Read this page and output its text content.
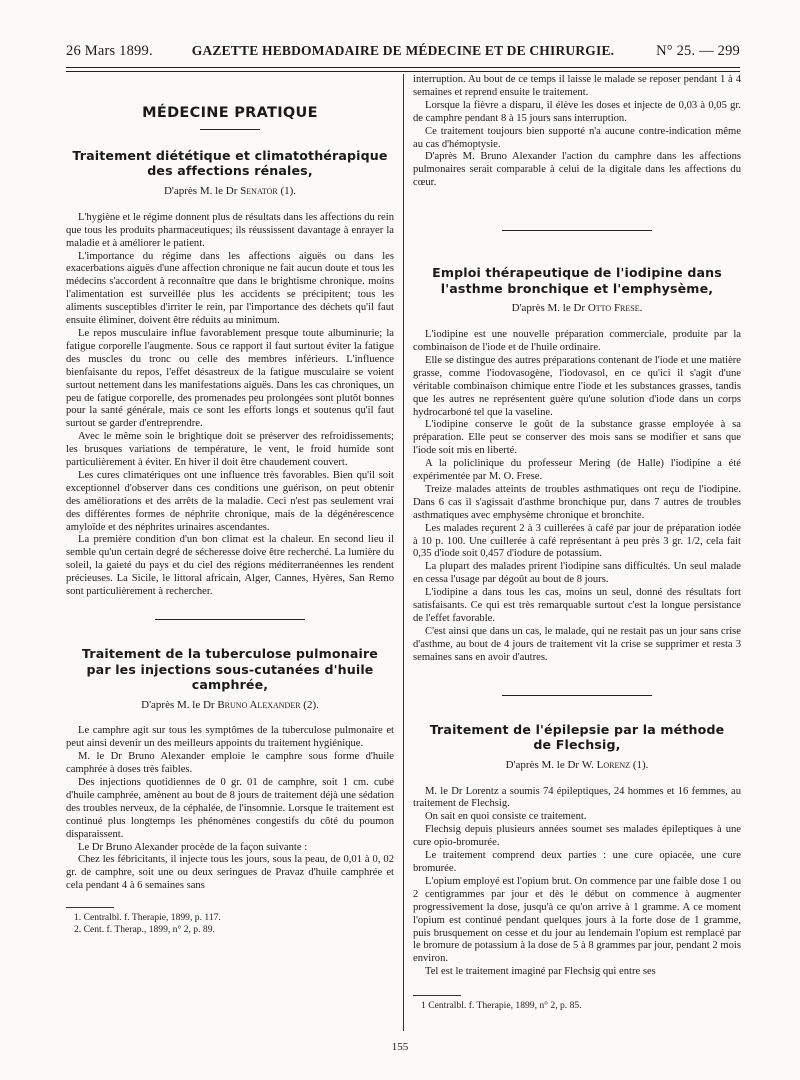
26 Mars 1899.	GAZETTE HEBDOMADAIRE DE MÉDECINE ET DE CHIRURGIE.	N° 25. — 299
MÉDECINE PRATIQUE
Traitement diététique et climatothérapique des affections rénales,
D'après M. le Dr Senator (1).

L'hygiène et le régime donnent plus de résultats dans les affections du rein que tous les produits pharmaceutiques; ils réussissent davantage à enrayer la maladie et à améliorer le patient.

L'importance du régime dans les affections aiguës ou dans les exacerbations aiguës d'une affection chronique ne fait aucun doute et tous les médecins s'accordent à reconnaître que dans le brightisme chronique. moins l'alimentation est surveillée plus les accidents se précipitent; tous les aliments susceptibles d'irriter le rein, par l'importance des déchets qu'il faut ensuite éliminer, doivent être réduits au minimum.

Le repos musculaire influe favorablement presque toute albuminurie; la fatigue corporelle l'augmente. Sous ce rapport il faut surtout éviter la fatigue des muscles du tronc ou celle des membres inférieurs. L'influence bienfaisante du repos, l'effet désastreux de la fatigue musculaire se voient surtout nettement dans les manifestations aiguës. Dans les cas chroniques, un peu de fatigue corporelle, des promenades peu prolongées sont plutôt bonnes pour la santé générale, mais ce sont les efforts longs et soutenus qu'il faut surtout se garder d'entreprendre.

Avec le même soin le brightique doit se préserver des refroidissements; les brusques variations de température, le vent, le froid humide sont particulièrement à éviter. En hiver il doit être chaudement couvert.

Les cures climatériques ont une influence très favorables. Bien qu'il soit exceptionnel d'observer dans ces conditions une guérison, on peut obtenir des améliorations et des arrêts de la maladie. Ceci n'est pas seulement vrai des différentes formes de néphrite chronique, mais de la dégénérescence amyloïde et des néphrites urinaires ascendantes.

La première condition d'un bon climat est la chaleur. En second lieu il semble qu'un certain degré de sécheresse doive être recherché. La lumière du soleil, la gaieté du pays et du ciel des régions méditerranéennes les rendent précieuses. La Sicile, le littoral africain, Alger, Cannes, Hyères, San Remo sont particulièrement à rechercher.

Traitement de la tuberculose pulmonaire par les injections sous-cutanées d'huile camphrée,
D'après M. le Dr Bruno Alexander (2).

Le camphre agit sur tous les symptômes de la tuberculose pulmonaire et peut ainsi devenir un des meilleurs appoints du traitement hygiénique.

M. le Dr Bruno Alexander emploie le camphre sous forme d'huile camphrée à doses très faibles.

Des injections quotidiennes de 0 gr. 01 de camphre, soit 1 cm. cube d'huile camphrée, amènent au bout de 8 jours de traitement déjà une sédation des troubles nerveux, de la céphalée, de l'insomnie. Lorsque le traitement est continué plus longtemps les phénomènes congestifs du côté du poumon disparaissent.

Le Dr Bruno Alexander procède de la façon suivante :

Chez les fébricitants, il injecte tous les jours, sous la peau, de 0,01 à 0, 02 gr. de camphre, soit une ou deux seringues de Pravaz d'huile camphrée et cela pendant 4 à 6 semaines sans

1. Centralbl. f. Therapie, 1899, p. 117.

2. Cent. f. Therap., 1899, n° 2, p. 89.

interruption. Au bout de ce temps il laisse le malade se reposer pendant 1 à 4 semaines et reprend ensuite le traitement.

Lorsque la fièvre a disparu, il élève les doses et injecte de 0,03 à 0,05 gr. de camphre pendant 8 à 15 jours sans interruption.

Ce traitement toujours bien supporté n'a aucune contre-indication même au cas d'hémoptysie.

D'après M. Bruno Alexander l'action du camphre dans les affections pulmonaires serait comparable à celui de la digitale dans les affections du cœur.

Emploi thérapeutique de l'iodipine dans l'asthme bronchique et l'emphysème,
D'après M. le Dr Otto Frese.

L'iodipine est une nouvelle préparation commerciale, produite par la combinaison de l'iode et de l'huile ordinaire.

Elle se distingue des autres préparations contenant de l'iode et une matière grasse, comme l'iodovasogène, l'iodovasol, en ce qu'ici il s'agit d'une véritable combinaison chimique entre l'iode et les substances grasses, tandis que les autres ne représentent guère qu'une solution d'iode dans un corps hydrocarboné tel que la vaseline.

L'iodipine conserve le goût de la substance grasse employée à sa préparation. Elle peut se conserver des mois sans se modifier et sans que l'iode soit mis en liberté.

A la policlinique du professeur Mering (de Halle) l'iodipine a été expérimentée par M. O. Frese.

Treize malades atteints de troubles asthmatiques ont reçu de l'iodipine. Dans 6 cas il s'agissait d'asthme bronchique pur, dans 7 autres de troubles asthmatiques avec emphysème chronique et bronchite.

Les malades reçurent 2 à 3 cuillerées à café par jour de préparation iodée à 10 p. 100. Une cuillerée à café représentant à peu près 3 gr. 1/2, cela fait 0,35 d'iode soit 0,457 d'iodure de potassium.

La plupart des malades prirent l'iodipine sans difficultés. Un seul malade en cessa l'usage par dégoût au bout de 8 jours.

L'iodipine a dans tous les cas, moins un seul, donné des résultats fort satisfaisants. Ce qui est très remarquable surtout c'est la longue persistance de l'effet favorable.

C'est ainsi que dans un cas, le malade, qui ne restait pas un jour sans crise d'asthme, au bout de 4 jours de traitement vit la crise se supprimer et resta 3 semaines sans en avoir d'autres.

Traitement de l'épilepsie par la méthode de Flechsig,
D'après M. le Dr W. Lorenz (1).

M. le Dr Lorentz a soumis 74 épileptiques, 24 hommes et 16 femmes, au traitement de Flechsig.

On sait en quoi consiste ce traitement.

Flechsig depuis plusieurs années soumet ses malades épileptiques à une cure opio-bromurée.

Le traitement comprend deux parties : une cure opiacée, une cure bromurée.

L'opium employé est l'opium brut. On commence par une faible dose 1 ou 2 centigrammes par jour et dès le début on commence à augmenter progressivement la dose, jusqu'à ce qu'on arrive à 1 gramme. A ce moment l'opium est continué pendant quelques jours à la forte dose de 1 gramme, puis brusquement on cesse et du jour au lendemain l'opium est remplacé par le bromure de potassium à la dose de 5 à 8 grammes par jour, pendant 2 mois environ.

Tel est le traitement imaginé par Flechsig qui entre ses

1 Centralbl. f. Therapie, 1899, n° 2, p. 85.

155
